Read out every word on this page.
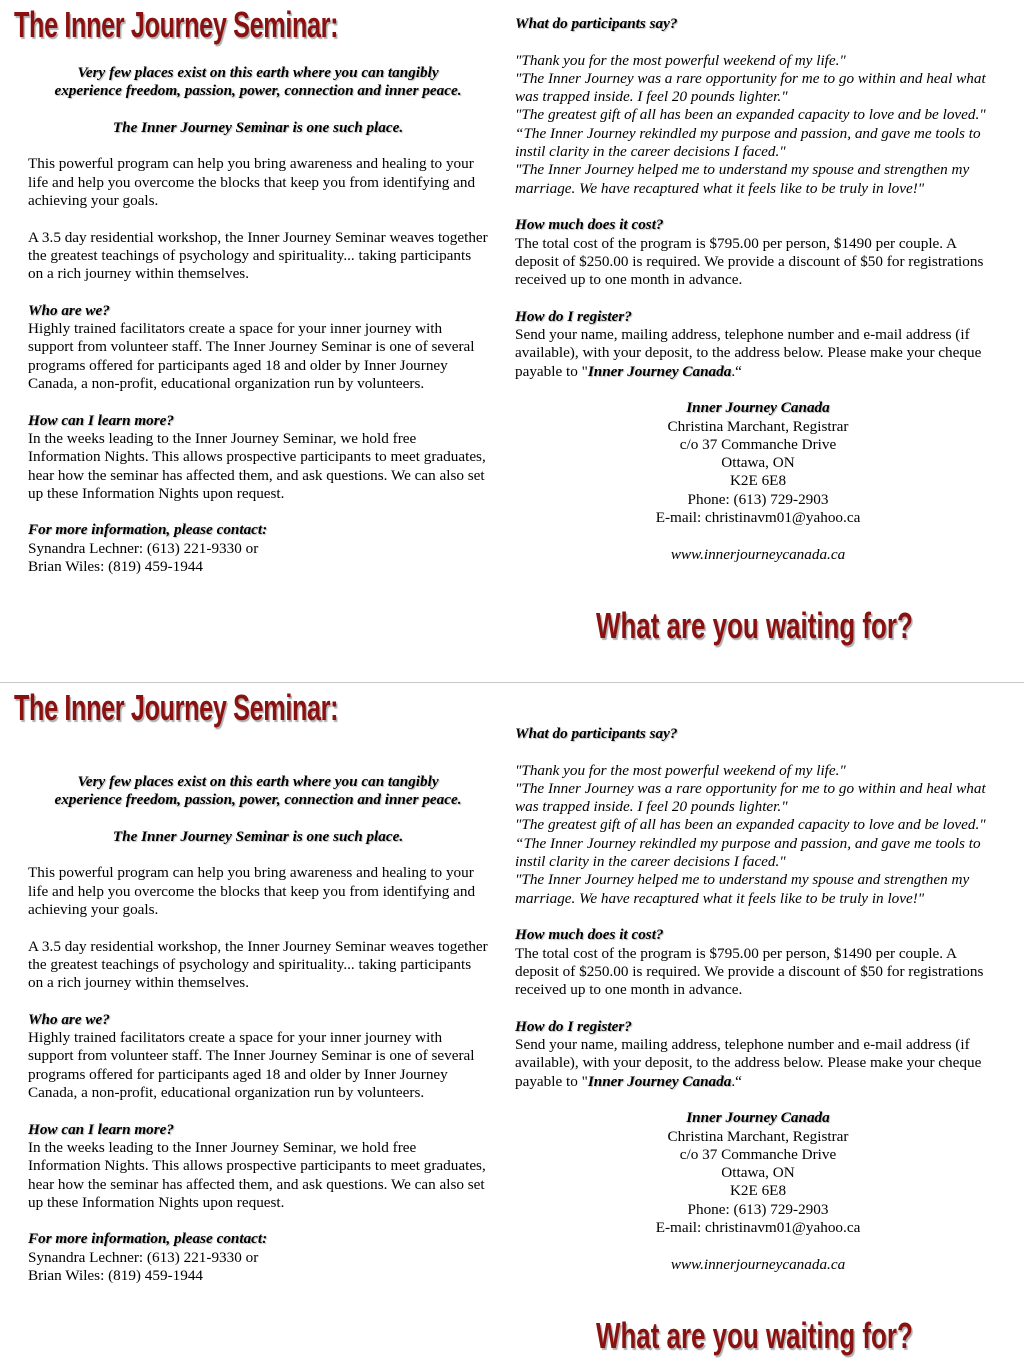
The Inner Journey Seminar:

Very few places exist on this earth where you can tangibly experience freedom, passion, power, connection and inner peace.

The Inner Journey Seminar is one such place.

This powerful program can help you bring awareness and healing to your life and help you overcome the blocks that keep you from identifying and achieving your goals.

A 3.5 day residential workshop, the Inner Journey Seminar weaves together the greatest teachings of psychology and spirituality... taking participants on a rich journey within themselves.

Who are we?

Highly trained facilitators create a space for your inner journey with support from volunteer staff. The Inner Journey Seminar is one of several programs offered for participants aged 18 and older by Inner Journey Canada, a non-profit, educational organization run by volunteers.

How can I learn more?

In the weeks leading to the Inner Journey Seminar, we hold free Information Nights. This allows prospective participants to meet graduates, hear how the seminar has affected them, and ask questions. We can also set up these Information Nights upon request.

For more information, please contact:

Synandra Lechner: (613) 221-9330 or

Brian Wiles: (819) 459-1944

What do participants say?

"Thank you for the most powerful weekend of my life."

"The Inner Journey was a rare opportunity for me to go within and heal what was trapped inside. I feel 20 pounds lighter."

"The greatest gift of all has been an expanded capacity to love and be loved."

“The Inner Journey rekindled my purpose and passion, and gave me tools to instil clarity in the career decisions I faced."

"The Inner Journey helped me to understand my spouse and strengthen my marriage. We have recaptured what it feels like to be truly in love!"

How much does it cost?

The total cost of the program is $795.00 per person, $1490 per couple. A deposit of $250.00 is required. We provide a discount of $50 for registrations received up to one month in advance.

How do I register?

Send your name, mailing address, telephone number and e-mail address (if available), with your deposit, to the address below. Please make your cheque payable to "Inner Journey Canada.“

Inner Journey Canada

Christina Marchant, Registrar

c/o 37 Commanche Drive

Ottawa, ON

K2E 6E8

Phone: (613) 729-2903

E-mail: christinavm01@yahoo.ca

www.innerjourneycanada.ca

What are you waiting for?
The Inner Journey Seminar:

Very few places exist on this earth where you can tangibly experience freedom, passion, power, connection and inner peace.

The Inner Journey Seminar is one such place.

This powerful program can help you bring awareness and healing to your life and help you overcome the blocks that keep you from identifying and achieving your goals.

A 3.5 day residential workshop, the Inner Journey Seminar weaves together the greatest teachings of psychology and spirituality... taking participants on a rich journey within themselves.

Who are we?

Highly trained facilitators create a space for your inner journey with support from volunteer staff. The Inner Journey Seminar is one of several programs offered for participants aged 18 and older by Inner Journey Canada, a non-profit, educational organization run by volunteers.

How can I learn more?

In the weeks leading to the Inner Journey Seminar, we hold free Information Nights. This allows prospective participants to meet graduates, hear how the seminar has affected them, and ask questions. We can also set up these Information Nights upon request.

For more information, please contact:

Synandra Lechner: (613) 221-9330 or

Brian Wiles: (819) 459-1944

What do participants say?

"Thank you for the most powerful weekend of my life."

"The Inner Journey was a rare opportunity for me to go within and heal what was trapped inside. I feel 20 pounds lighter."

"The greatest gift of all has been an expanded capacity to love and be loved."

“The Inner Journey rekindled my purpose and passion, and gave me tools to instil clarity in the career decisions I faced."

"The Inner Journey helped me to understand my spouse and strengthen my marriage. We have recaptured what it feels like to be truly in love!"

How much does it cost?

The total cost of the program is $795.00 per person, $1490 per couple. A deposit of $250.00 is required. We provide a discount of $50 for registrations received up to one month in advance.

How do I register?

Send your name, mailing address, telephone number and e-mail address (if available), with your deposit, to the address below. Please make your cheque payable to "Inner Journey Canada.“

Inner Journey Canada

Christina Marchant, Registrar

c/o 37 Commanche Drive

Ottawa, ON

K2E 6E8

Phone: (613) 729-2903

E-mail: christinavm01@yahoo.ca

www.innerjourneycanada.ca

What are you waiting for?
